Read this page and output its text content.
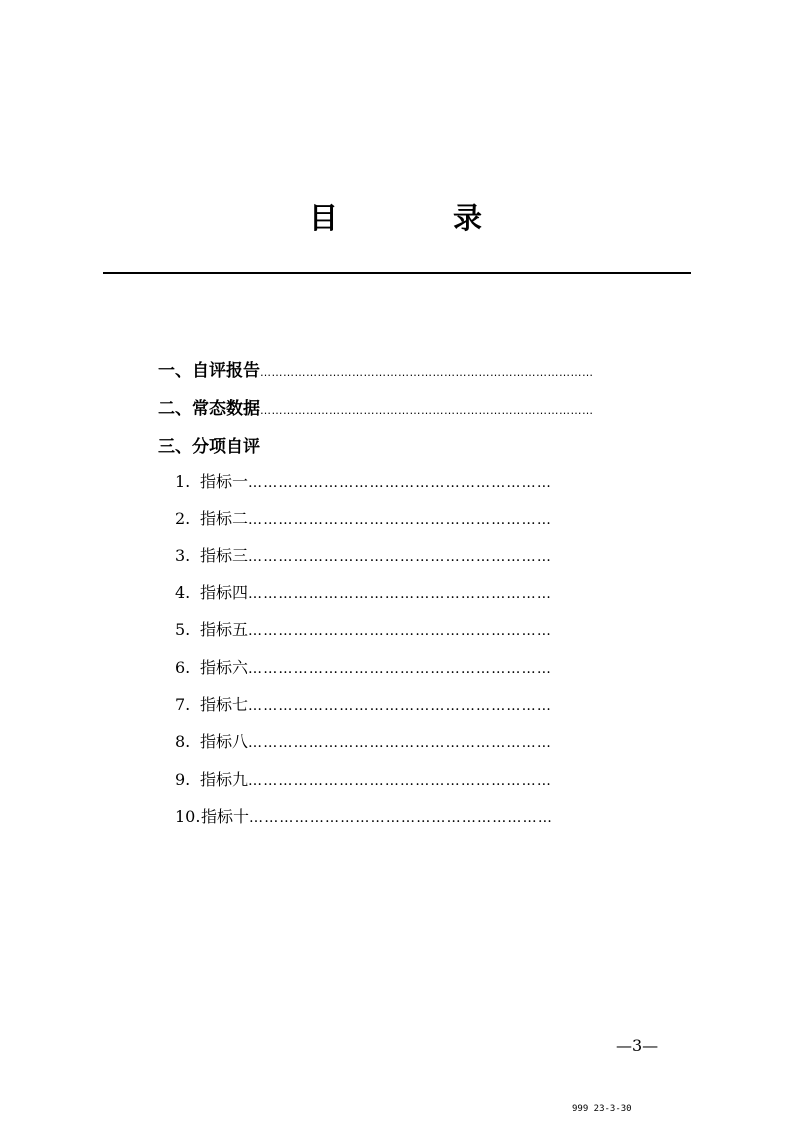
目	录
一、自评报告 ……………………………………………………………………………
二、常态数据 ……………………………………………………………………………
三、分项自评
1. 指标一 ……………………………………………………
2. 指标二 ……………………………………………………
3. 指标三 ……………………………………………………
4. 指标四 ……………………………………………………
5. 指标五 ……………………………………………………
6. 指标六 ……………………………………………………
7. 指标七 ……………………………………………………
8. 指标八 ……………………………………………………
9. 指标九 ……………………………………………………
10. 指标十 ……………………………………………………
—3—
999 23-3-30
